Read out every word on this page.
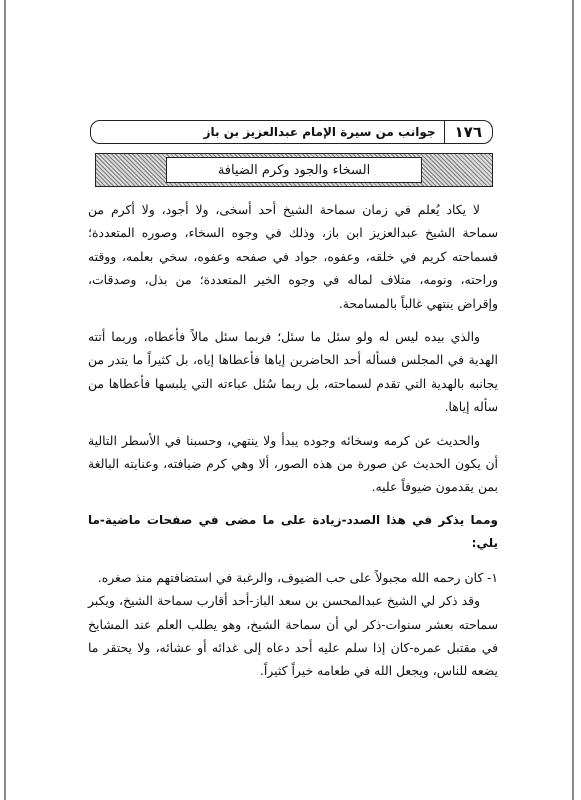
١٧٦
جوانب من سيرة الإمام عبدالعزيز بن باز
السخاء والجود وكرم الضيافة

لا يكاد يُعلم في زمان سماحة الشيخ أحد أسخى، ولا أجود، ولا أكرم من سماحة الشيخ عبدالعزيز ابن باز، وذلك في وجوه السخاء، وصوره المتعددة؛ فسماحته كريم في خلقه، وعفوه، جواد في صفحه وعفوه، سخي بعلمه، ووقته وراحته، ونومه، متلاف لماله في وجوه الخير المتعددة؛ من بذل، وصدقات، وإقراض ينتهي غالباً بالمسامحة.

والذي بيده ليس له ولو سئل ما سئل؛ فربما سئل مالاً فأعطاه، وربما أتته الهدية في المجلس فسأله أحد الحاضرين إياها فأعطاها إياه، بل كثيراً ما يتدر من يجانبه بالهدية التي تقدم لسماحته، بل ربما سُئل عباءته التي يلبسها فأعطاها من سأله إياها.

والحديث عن كرمه وسخائه وجوده يبدأ ولا ينتهي، وحسبنا في الأسطر التالية أن يكون الحديث عن صورة من هذه الصور، ألا وهي كرم ضيافته، وعنايته البالغة بمن يقدمون ضيوفاً عليه.

ومما يذكر في هذا الصدد-زيادة على ما مضى في صفحات ماضية-ما يلي:

١- كان رحمه الله مجبولاً على حب الضيوف، والرغبة في استضافتهم منذ صغره.

وقد ذكر لي الشيخ عبدالمحسن بن سعد الباز-أحد أقارب سماحة الشيخ، ويكبر سماحته بعشر سنوات-ذكر لي أن سماحة الشيخ، وهو يطلب العلم عند المشايخ في مقتبل عمره-كان إذا سلم عليه أحد دعاه إلى غدائه أو عشائه، ولا يحتقر ما يضعه للناس، ويجعل الله في طعامه خيراً كثيراً.
